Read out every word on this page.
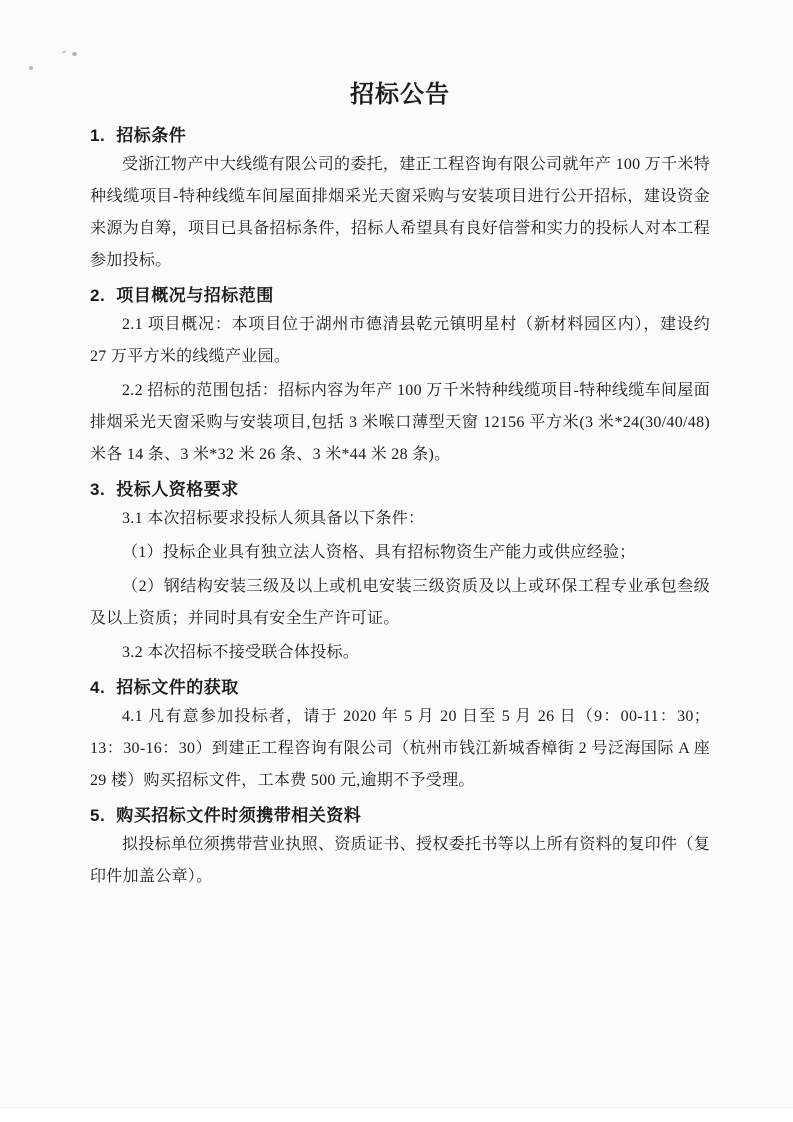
招标公告
1. 招标条件

受浙江物产中大线缆有限公司的委托，建正工程咨询有限公司就年产 100 万千米特种线缆项目-特种线缆车间屋面排烟采光天窗采购与安装项目进行公开招标，建设资金来源为自筹，项目已具备招标条件，招标人希望具有良好信誉和实力的投标人对本工程参加投标。

2. 项目概况与招标范围

2.1 项目概况：本项目位于湖州市德清县乾元镇明星村（新材料园区内），建设约 27 万平方米的线缆产业园。

2.2 招标的范围包括：招标内容为年产 100 万千米特种线缆项目-特种线缆车间屋面排烟采光天窗采购与安装项目,包括 3 米喉口薄型天窗 12156 平方米(3 米*24(30/40/48)米各 14 条、3 米*32 米 26 条、3 米*44 米 28 条)。

3. 投标人资格要求

3.1 本次招标要求投标人须具备以下条件：

（1）投标企业具有独立法人资格、具有招标物资生产能力或供应经验；

（2）钢结构安装三级及以上或机电安装三级资质及以上或环保工程专业承包叁级及以上资质；并同时具有安全生产许可证。

3.2 本次招标不接受联合体投标。

4. 招标文件的获取

4.1 凡有意参加投标者，请于 2020 年 5 月 20 日至 5 月 26 日（9：00-11：30；13：30-16：30）到建正工程咨询有限公司（杭州市钱江新城香樟街 2 号泛海国际 A 座 29 楼）购买招标文件，工本费 500 元,逾期不予受理。

5. 购买招标文件时须携带相关资料

拟投标单位须携带营业执照、资质证书、授权委托书等以上所有资料的复印件（复印件加盖公章）。
